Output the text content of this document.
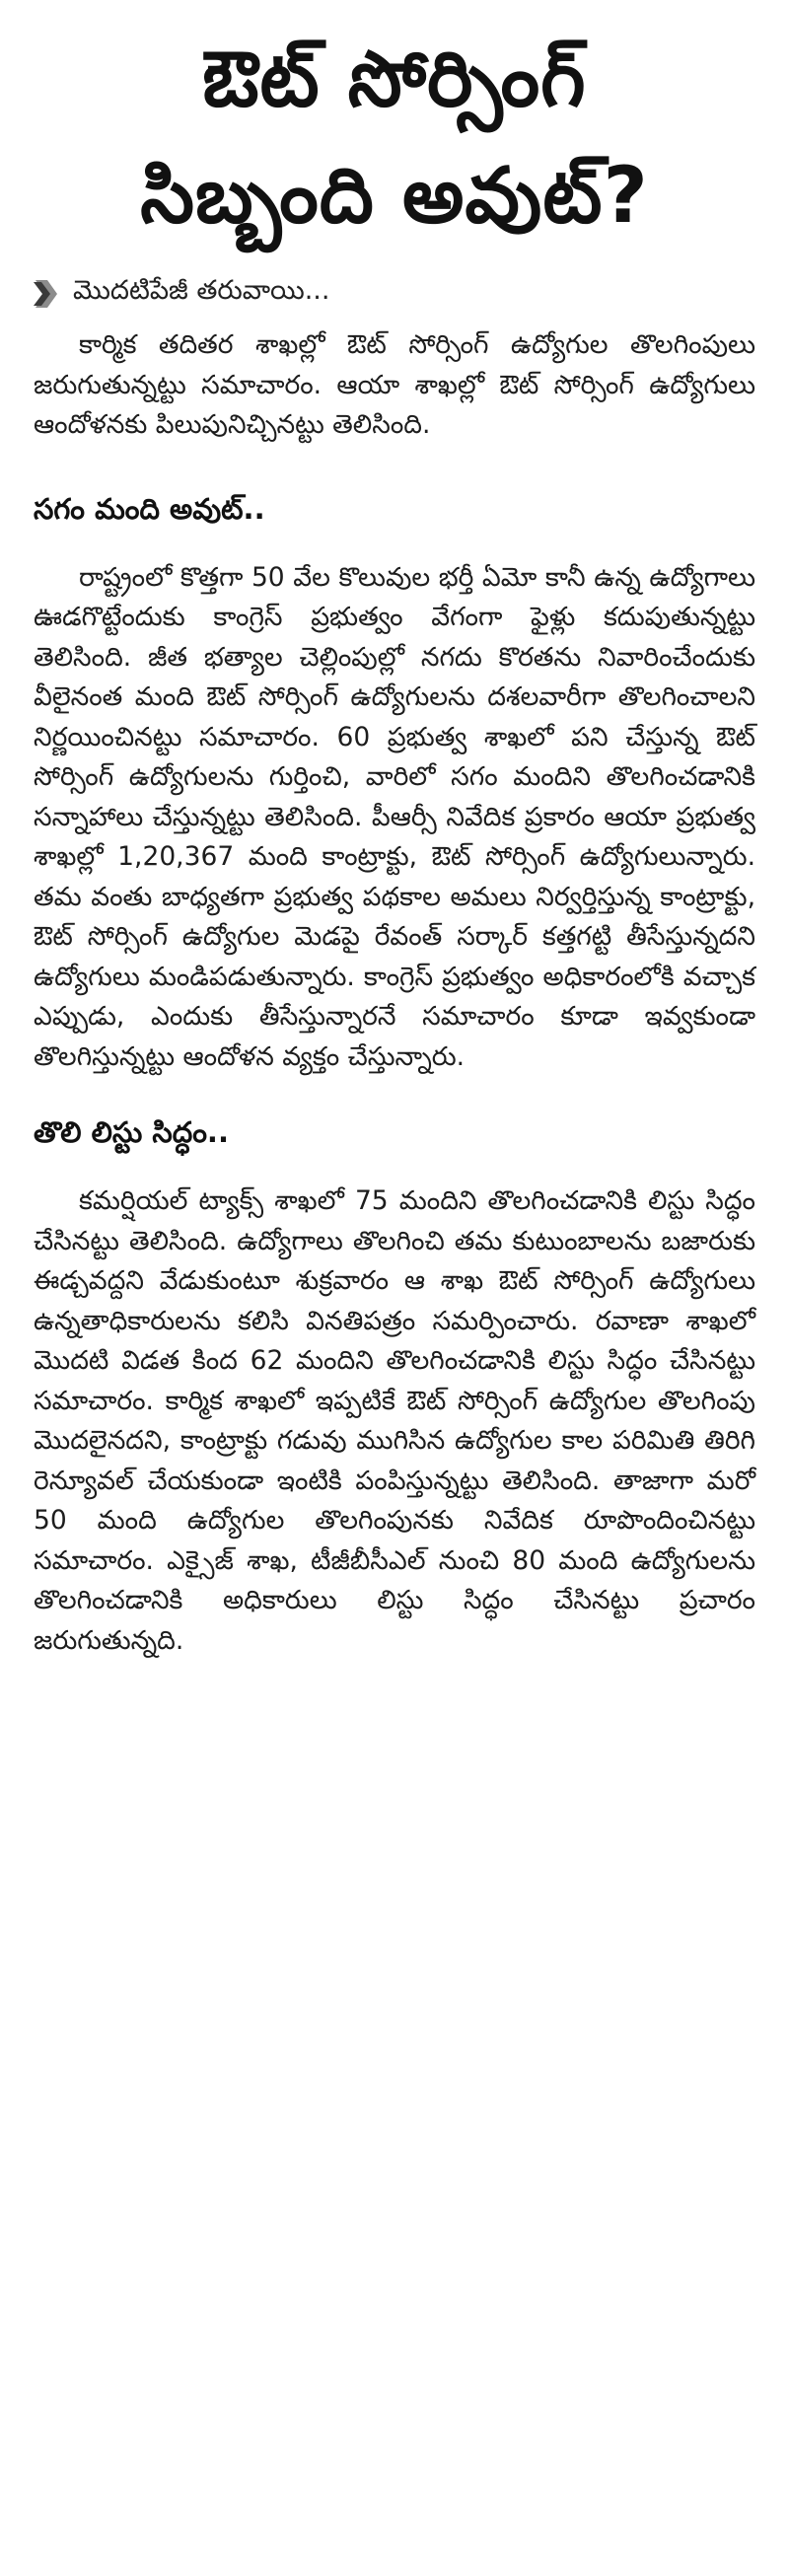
ఔట్ సోర్సింగ్
సిబ్బంది అవుట్?
మొదటిపేజీ తరువాయి...

కార్మిక తదితర శాఖల్లో ఔట్ సోర్సింగ్ ఉద్యోగుల తొలగింపులు జరుగుతున్నట్టు సమాచారం. ఆయా శాఖల్లో ఔట్ సోర్సింగ్ ఉద్యోగులు ఆందోళనకు పిలుపునిచ్చినట్టు తెలిసింది.

సగం మంది అవుట్..

రాష్ట్రంలో కొత్తగా 50 వేల కొలువుల భర్తీ ఏమో కానీ ఉన్న ఉద్యోగాలు ఊడగొట్టేందుకు కాంగ్రెస్ ప్రభుత్వం వేగంగా ఫైళ్లు కదుపుతున్నట్టు తెలిసింది. జీత భత్యాల చెల్లింపుల్లో నగదు కొరతను నివారించేందుకు వీలైనంత మంది ఔట్ సోర్సింగ్ ఉద్యోగులను దశలవారీగా తొలగించాలని నిర్ణయించినట్టు సమాచారం. 60 ప్రభుత్వ శాఖలో పని చేస్తున్న ఔట్ సోర్సింగ్ ఉద్యోగులను గుర్తించి, వారిలో సగం మందిని తొలగించడానికి సన్నాహాలు చేస్తున్నట్టు తెలిసింది. పీఆర్సీ నివేదిక ప్రకారం ఆయా ప్రభుత్వ శాఖల్లో 1,20,367 మంది కాంట్రాక్టు, ఔట్ సోర్సింగ్ ఉద్యోగులున్నారు. తమ వంతు బాధ్యతగా ప్రభుత్వ పథకాల అమలు నిర్వర్తిస్తున్న కాంట్రాక్టు, ఔట్ సోర్సింగ్ ఉద్యోగుల మెడపై రేవంత్ సర్కార్ కత్తగట్టి తీసేస్తున్నదని ఉద్యోగులు మండిపడుతున్నారు. కాంగ్రెస్ ప్రభుత్వం అధికారంలోకి వచ్చాక ఎప్పుడు, ఎందుకు తీసేస్తున్నారనే సమాచారం కూడా ఇవ్వకుండా తొలగిస్తున్నట్టు ఆందోళన వ్యక్తం చేస్తున్నారు.

తొలి లిస్టు సిద్ధం..

కమర్షియల్ ట్యాక్స్ శాఖలో 75 మందిని తొలగించడానికి లిస్టు సిద్ధం చేసినట్టు తెలిసింది. ఉద్యోగాలు తొలగించి తమ కుటుంబాలను బజారుకు ఈడ్చవద్దని వేడుకుంటూ శుక్రవారం ఆ శాఖ ఔట్ సోర్సింగ్ ఉద్యోగులు ఉన్నతాధికారులను కలిసి వినతిపత్రం సమర్పించారు. రవాణా శాఖలో మొదటి విడత కింద 62 మందిని తొలగించడానికి లిస్టు సిద్ధం చేసినట్టు సమాచారం. కార్మిక శాఖలో ఇప్పటికే ఔట్ సోర్సింగ్ ఉద్యోగుల తొలగింపు మొదలైనదని, కాంట్రాక్టు గడువు ముగిసిన ఉద్యోగుల కాల పరిమితి తిరిగి రెన్యూవల్ చేయకుండా ఇంటికి పంపిస్తున్నట్టు తెలిసింది. తాజాగా మరో 50 మంది ఉద్యోగుల తొలగింపునకు నివేదిక రూపొందించినట్టు సమాచారం. ఎక్సైజ్ శాఖ, టీజీబీసీఎల్ నుంచి 80 మంది ఉద్యోగులను తొలగించడానికి అధికారులు లిస్టు సిద్ధం చేసినట్టు ప్రచారం జరుగుతున్నది.
